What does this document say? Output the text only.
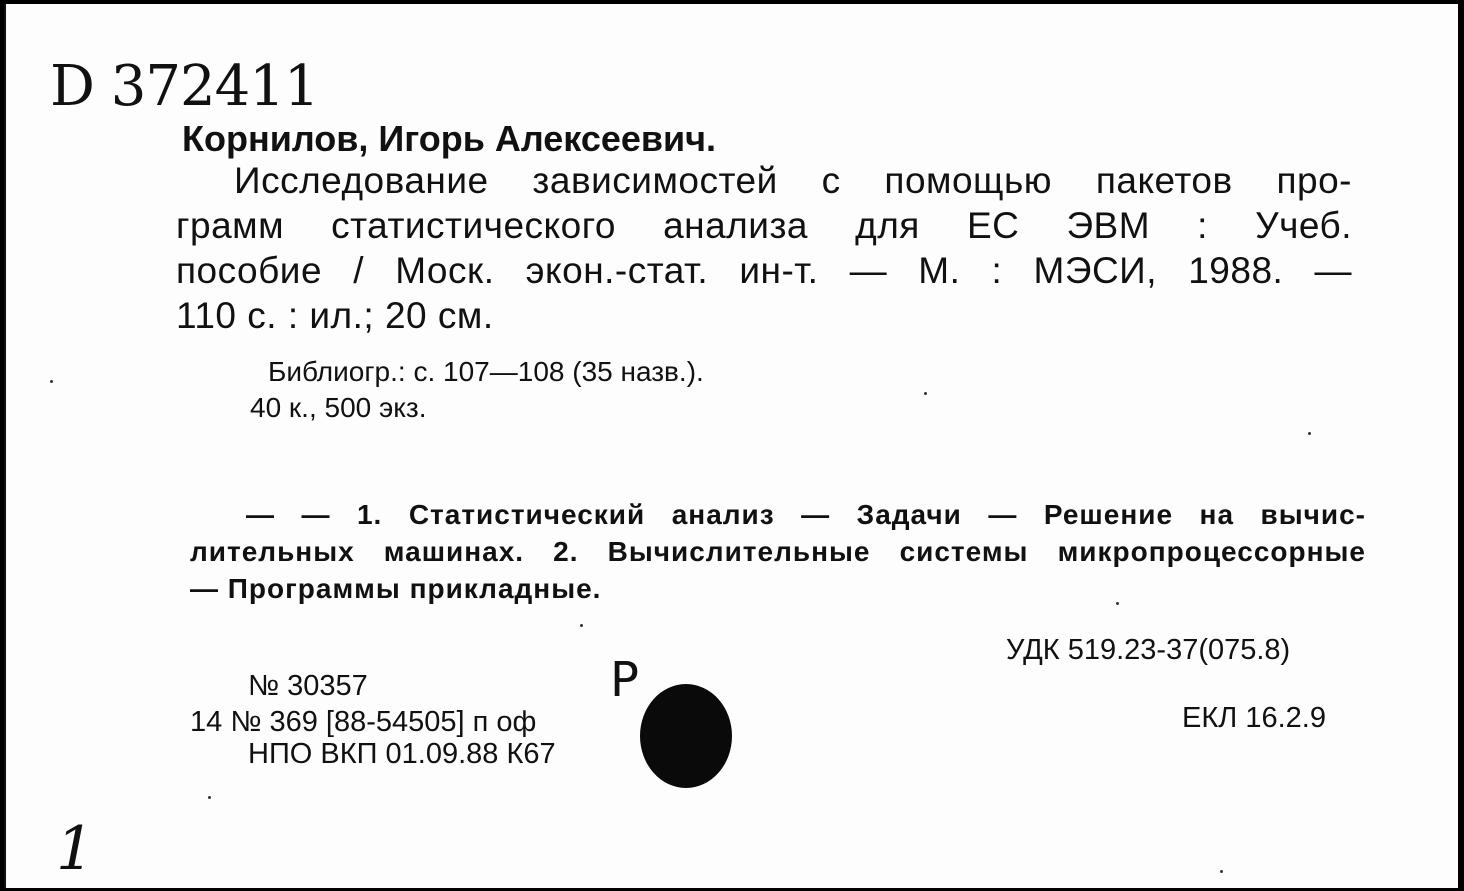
D 372411
Корнилов, Игорь Алексеевич.

Исследование зависимостей с помощью пакетов про-

грамм статистического анализа для ЕС ЭВМ : Учеб.

пособие / Моск. экон.-стат. ин-т. — М. : МЭСИ, 1988. —

110 с. : ил.; 20 см.

Библиогр.: с. 107—108 (35 назв.).
40 к., 500 экз.

— — 1. Статистический анализ — Задачи — Решение на вычис-

лительных машинах. 2. Вычислительные системы микропроцессорные

— Программы прикладные.

УДК 519.23-37(075.8)
ЕКЛ 16.2.9
№ 30357
14 № 369 [88-54505] п оф
НПО ВКП 01.09.88 К67
Р
1
